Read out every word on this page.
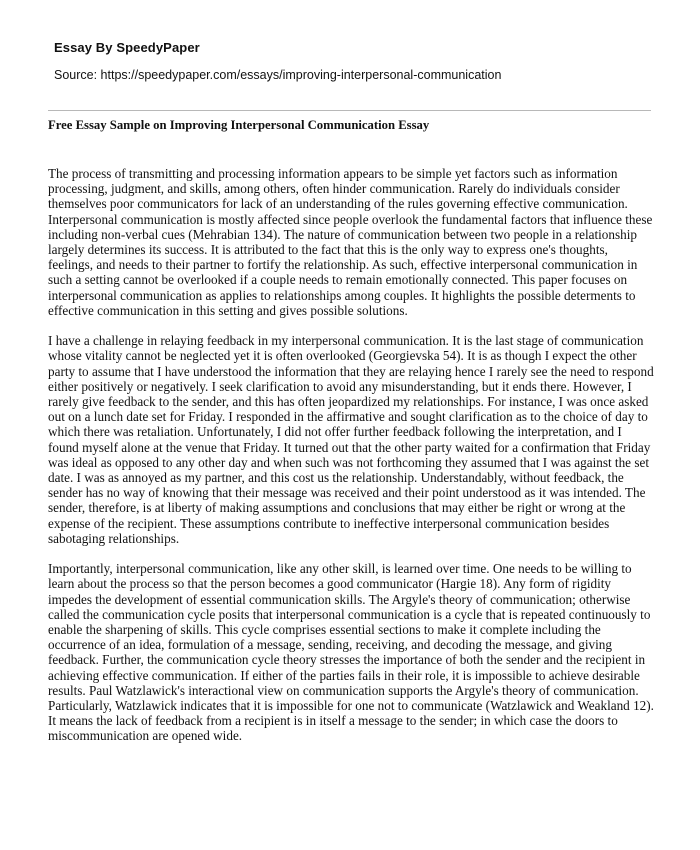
Essay By SpeedyPaper
Source: https://speedypaper.com/essays/improving-interpersonal-communication
Free Essay Sample on Improving Interpersonal Communication Essay

The process of transmitting and processing information appears to be simple yet factors such as information processing, judgment, and skills, among others, often hinder communication. Rarely do individuals consider themselves poor communicators for lack of an understanding of the rules governing effective communication. Interpersonal communication is mostly affected since people overlook the fundamental factors that influence these including non-verbal cues (Mehrabian 134). The nature of communication between two people in a relationship largely determines its success. It is attributed to the fact that this is the only way to express one's thoughts, feelings, and needs to their partner to fortify the relationship. As such, effective interpersonal communication in such a setting cannot be overlooked if a couple needs to remain emotionally connected. This paper focuses on interpersonal communication as applies to relationships among couples. It highlights the possible determents to effective communication in this setting and gives possible solutions.

I have a challenge in relaying feedback in my interpersonal communication. It is the last stage of communication whose vitality cannot be neglected yet it is often overlooked (Georgievska 54). It is as though I expect the other party to assume that I have understood the information that they are relaying hence I rarely see the need to respond either positively or negatively. I seek clarification to avoid any misunderstanding, but it ends there. However, I rarely give feedback to the sender, and this has often jeopardized my relationships. For instance, I was once asked out on a lunch date set for Friday. I responded in the affirmative and sought clarification as to the choice of day to which there was retaliation. Unfortunately, I did not offer further feedback following the interpretation, and I found myself alone at the venue that Friday. It turned out that the other party waited for a confirmation that Friday was ideal as opposed to any other day and when such was not forthcoming they assumed that I was against the set date. I was as annoyed as my partner, and this cost us the relationship. Understandably, without feedback, the sender has no way of knowing that their message was received and their point understood as it was intended. The sender, therefore, is at liberty of making assumptions and conclusions that may either be right or wrong at the expense of the recipient. These assumptions contribute to ineffective interpersonal communication besides sabotaging relationships.

Importantly, interpersonal communication, like any other skill, is learned over time. One needs to be willing to learn about the process so that the person becomes a good communicator (Hargie 18). Any form of rigidity impedes the development of essential communication skills. The Argyle's theory of communication; otherwise called the communication cycle posits that interpersonal communication is a cycle that is repeated continuously to enable the sharpening of skills. This cycle comprises essential sections to make it complete including the occurrence of an idea, formulation of a message, sending, receiving, and decoding the message, and giving feedback. Further, the communication cycle theory stresses the importance of both the sender and the recipient in achieving effective communication. If either of the parties fails in their role, it is impossible to achieve desirable results. Paul Watzlawick's interactional view on communication supports the Argyle's theory of communication. Particularly, Watzlawick indicates that it is impossible for one not to communicate (Watzlawick and Weakland 12). It means the lack of feedback from a recipient is in itself a message to the sender; in which case the doors to miscommunication are opened wide.
